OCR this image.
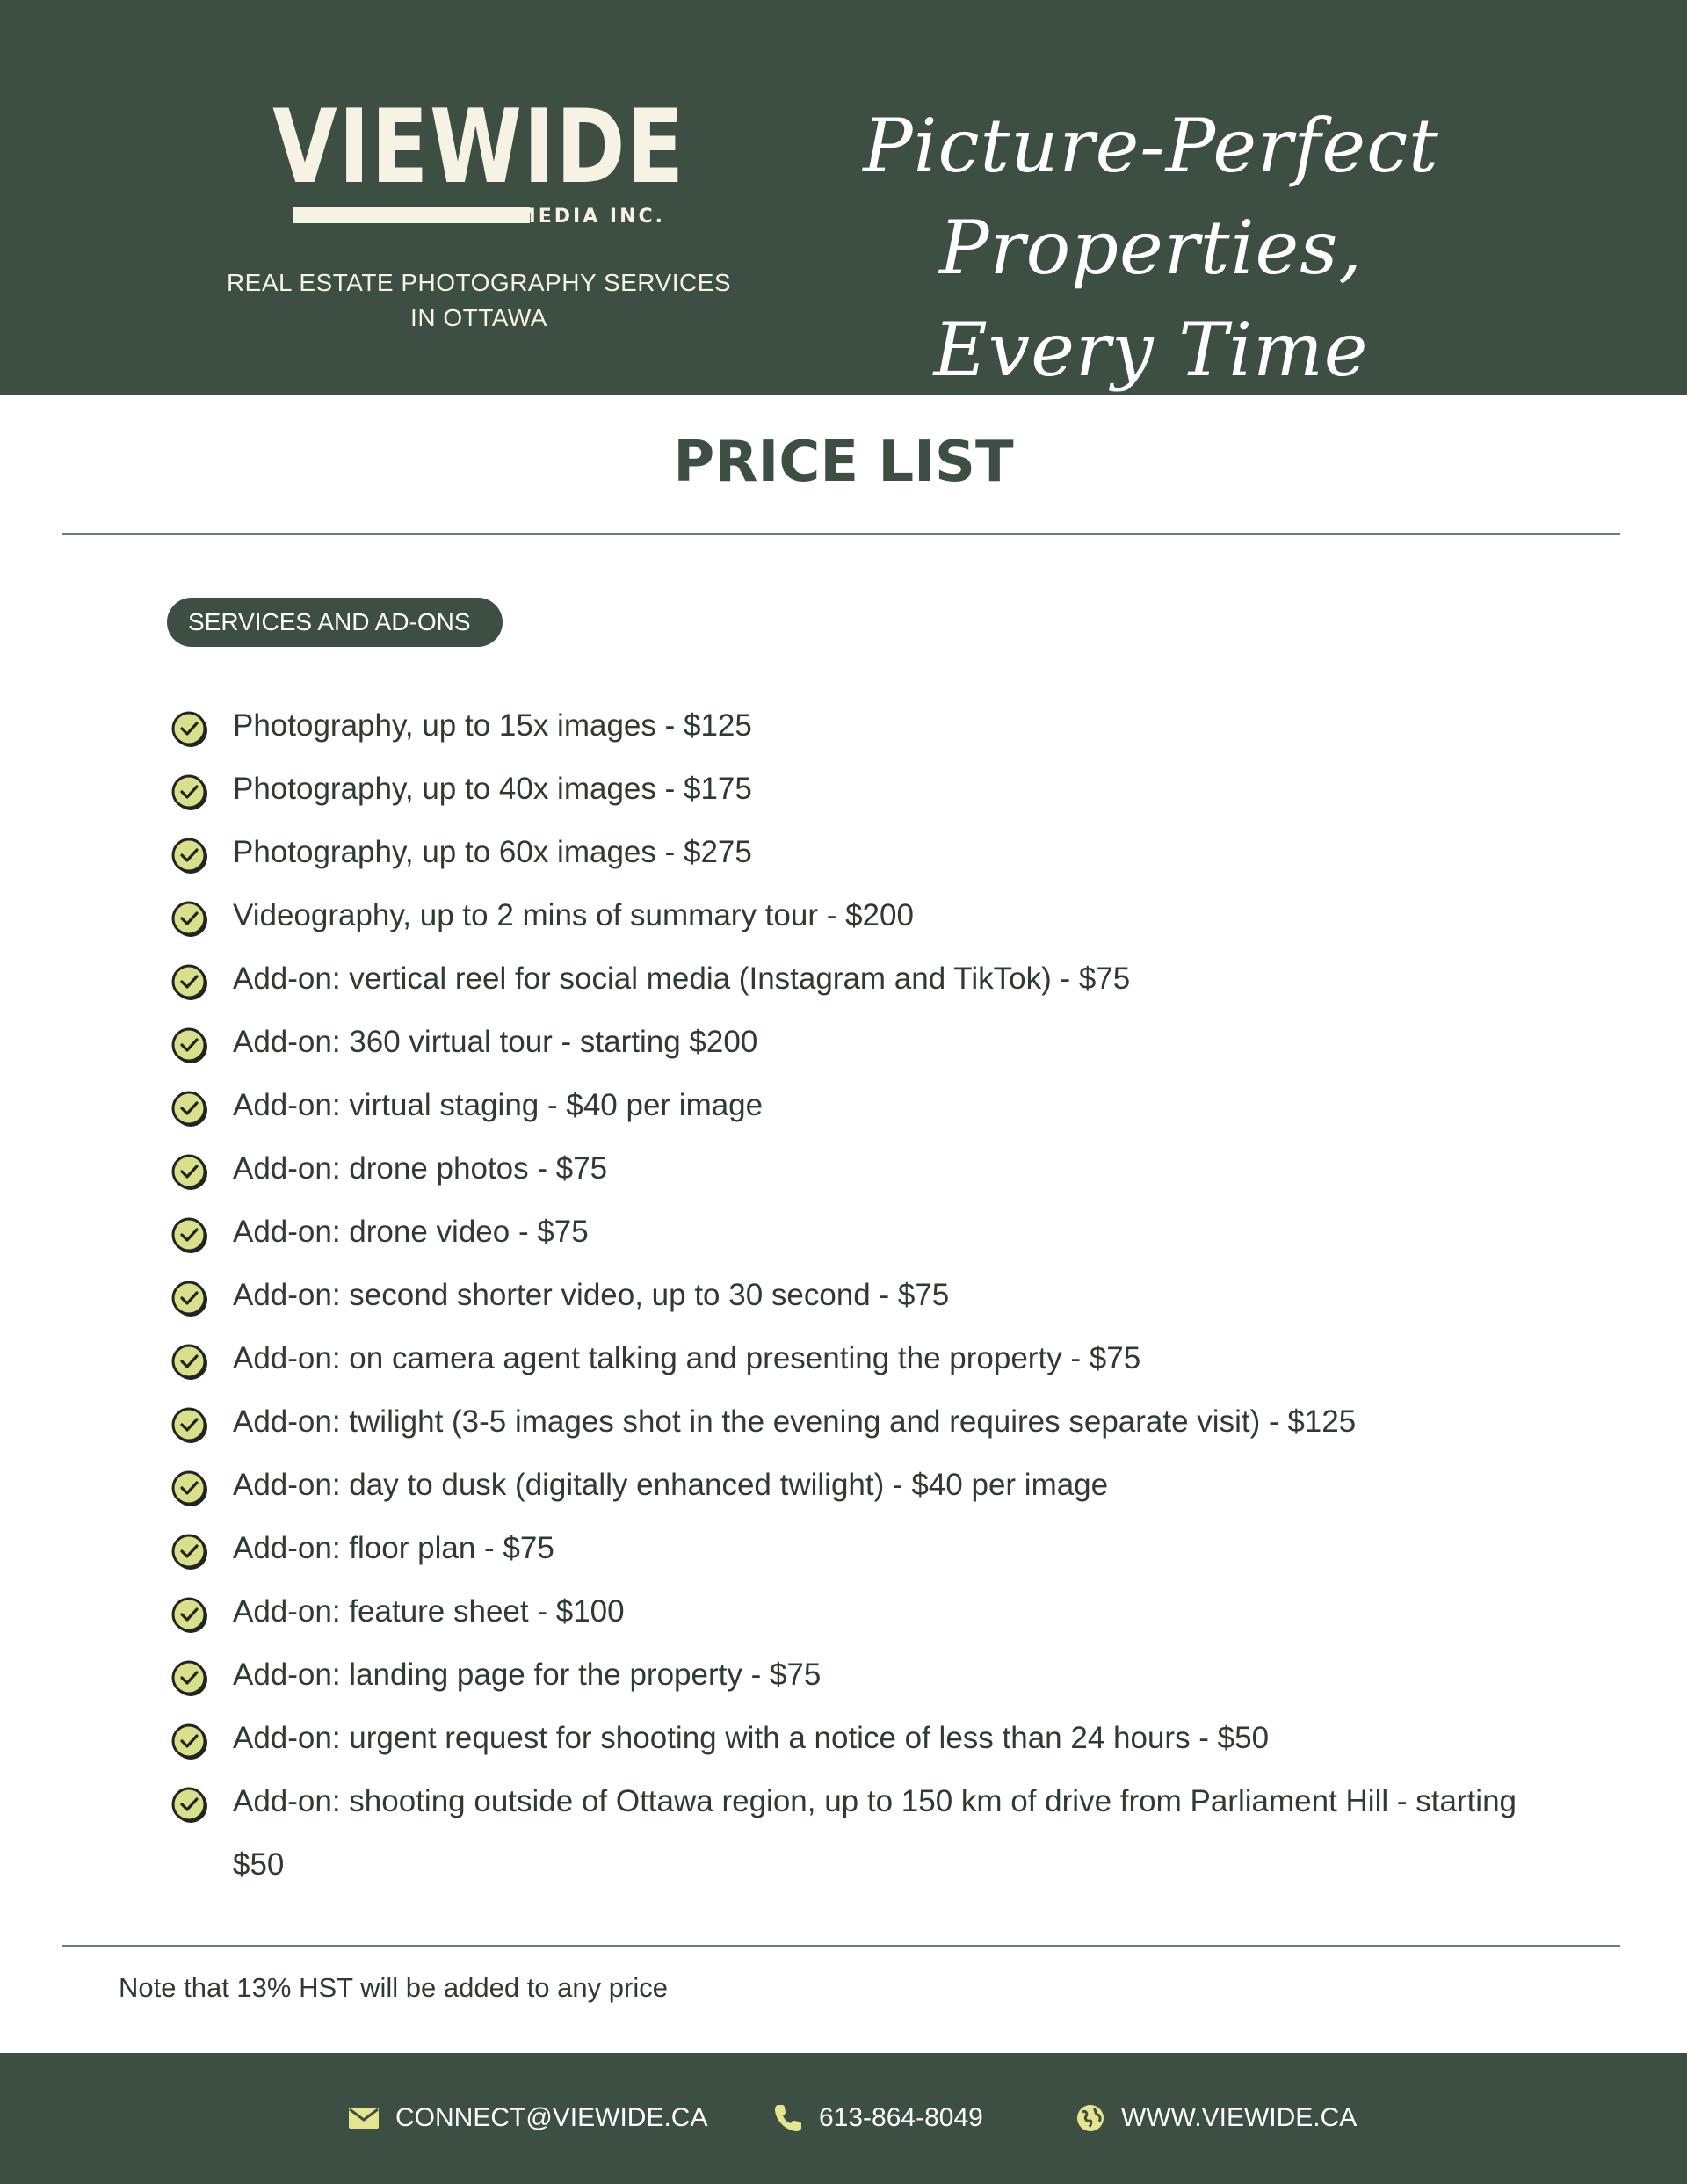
VIEWIDE
MEDIA INC.
REAL ESTATE PHOTOGRAPHY SERVICES
IN OTTAWA
Picture-Perfect
Properties, Every Time
PRICE LIST
SERVICES AND AD-ONS
Photography, up to 15x images - $125
Photography, up to 40x images - $175
Photography, up to 60x images - $275
Videography, up to 2 mins of summary tour - $200
Add-on: vertical reel for social media (Instagram and TikTok) - $75
Add-on: 360 virtual tour - starting $200
Add-on: virtual staging - $40 per image
Add-on: drone photos - $75
Add-on: drone video - $75
Add-on: second shorter video, up to 30 second - $75
Add-on: on camera agent talking and presenting the property - $75
Add-on: twilight (3-5 images shot in the evening and requires separate visit) - $125
Add-on: day to dusk (digitally enhanced twilight) - $40 per image
Add-on: floor plan - $75
Add-on: feature sheet - $100
Add-on: landing page for the property - $75
Add-on: urgent request for shooting with a notice of less than 24 hours - $50
Add-on: shooting outside of Ottawa region, up to 150 km of drive from Parliament Hill - starting $50
Note that 13% HST will be added to any price
CONNECT@VIEWIDE.CA	613-864-8049	WWW.VIEWIDE.CA
